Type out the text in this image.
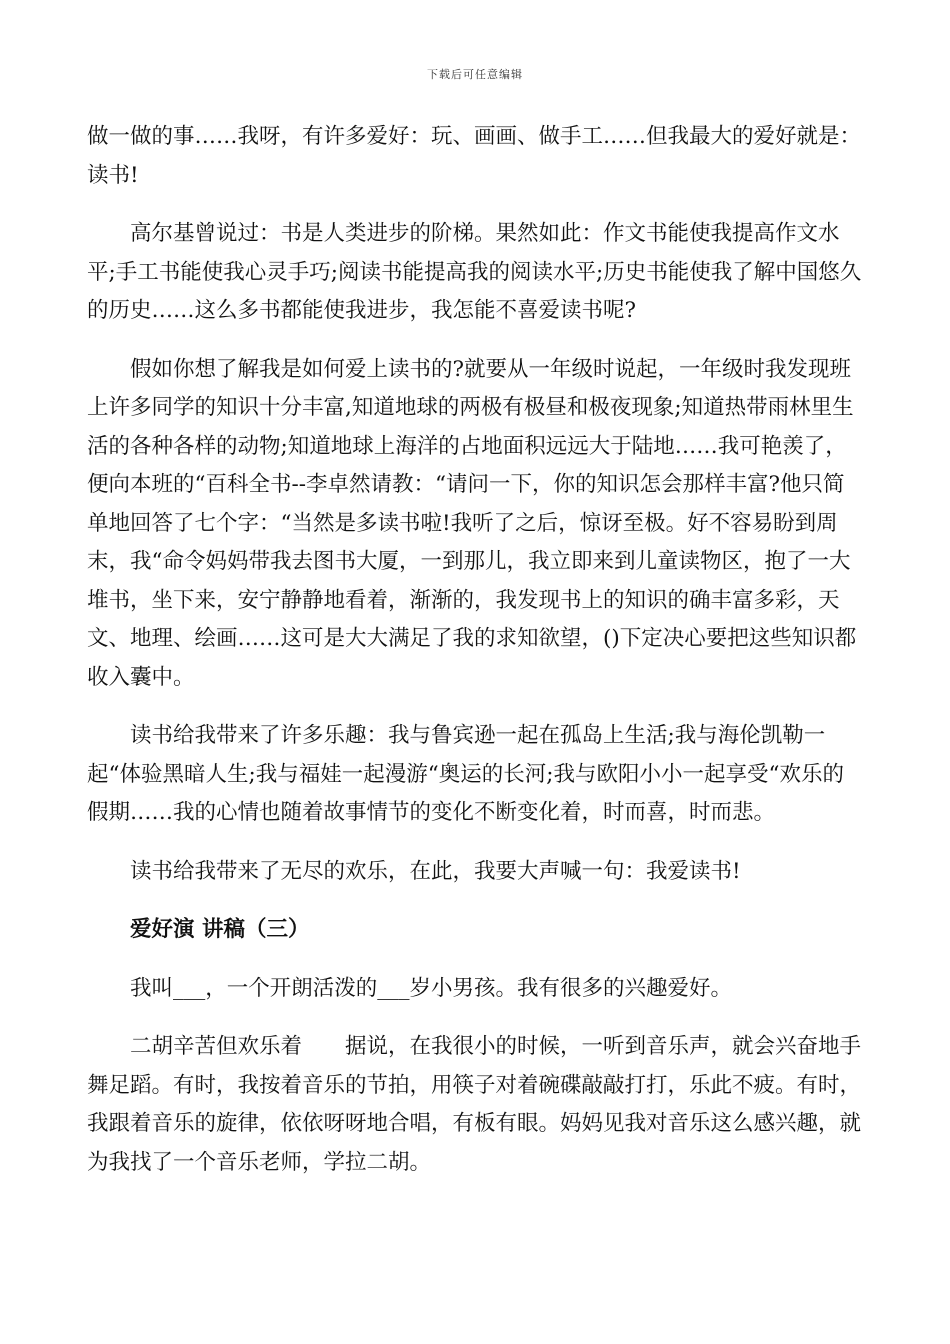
下载后可任意编辑

做一做的事……我呀，有许多爱好：玩、画画、做手工……但我最大的爱好就是：读书!

高尔基曾说过：书是人类进步的阶梯。果然如此：作文书能使我提高作文水平;手工书能使我心灵手巧;阅读书能提高我的阅读水平;历史书能使我了解中国悠久的历史……这么多书都能使我进步，我怎能不喜爱读书呢?

假如你想了解我是如何爱上读书的?就要从一年级时说起，一年级时我发现班上许多同学的知识十分丰富,知道地球的两极有极昼和极夜现象;知道热带雨林里生活的各种各样的动物;知道地球上海洋的占地面积远远大于陆地……我可艳羡了，便向本班的“百科全书--李卓然请教：“请问一下，你的知识怎会那样丰富?他只简单地回答了七个字：“当然是多读书啦!我听了之后，惊讶至极。好不容易盼到周末，我“命令妈妈带我去图书大厦，一到那儿，我立即来到儿童读物区，抱了一大堆书，坐下来，安宁静静地看着，渐渐的，我发现书上的知识的确丰富多彩，天文、地理、绘画……这可是大大满足了我的求知欲望，()下定决心要把这些知识都收入囊中。

读书给我带来了许多乐趣：我与鲁宾逊一起在孤岛上生活;我与海伦凯勒一起“体验黑暗人生;我与福娃一起漫游“奥运的长河;我与欧阳小小一起享受“欢乐的假期……我的心情也随着故事情节的变化不断变化着，时而喜，时而悲。

读书给我带来了无尽的欢乐，在此，我要大声喊一句：我爱读书!

爱好演 讲稿（三）

我叫___，一个开朗活泼的___岁小男孩。我有很多的兴趣爱好。

二胡辛苦但欢乐着　　据说，在我很小的时候，一听到音乐声，就会兴奋地手舞足蹈。有时，我按着音乐的节拍，用筷子对着碗碟敲敲打打，乐此不疲。有时，我跟着音乐的旋律，依依呀呀地合唱，有板有眼。妈妈见我对音乐这么感兴趣，就为我找了一个音乐老师，学拉二胡。
